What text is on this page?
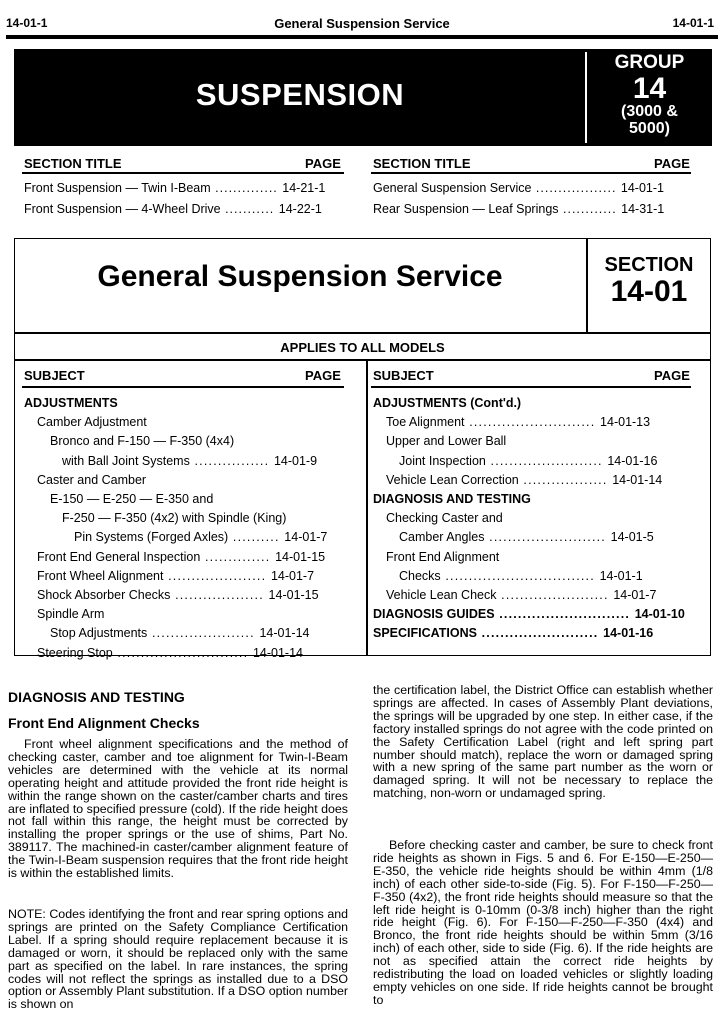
14-01-1	General Suspension Service	14-01-1
SUSPENSION
GROUP
14
(3000 &
5000)
SECTION TITLE	PAGE SECTION TITLE	PAGE
Front Suspension — Twin I-Beam .............. 14-21-1
Front Suspension — 4-Wheel Drive ........... 14-22-1
General Suspension Service .................. 14-01-1
Rear Suspension — Leaf Springs ............ 14-31-1
General Suspension Service	SECTION
14-01
APPLIES TO ALL MODELS
SUBJECT	PAGE SUBJECT	PAGE
ADJUSTMENTS
Camber Adjustment
Bronco and F-150 — F-350 (4x4)
with Ball Joint Systems ................ 14-01-9
Caster and Camber
E-150 — E-250 — E-350 and
F-250 — F-350 (4x2) with Spindle (King)
Pin Systems (Forged Axles) .......... 14-01-7
Front End General Inspection .............. 14-01-15
Front Wheel Alignment ..................... 14-01-7
Shock Absorber Checks ................... 14-01-15
Spindle Arm
Stop Adjustments ...................... 14-01-14
Steering Stop ............................ 14-01-14
ADJUSTMENTS (Cont'd.)
Toe Alignment ........................... 14-01-13
Upper and Lower Ball
Joint Inspection ........................ 14-01-16
Vehicle Lean Correction .................. 14-01-14
DIAGNOSIS AND TESTING
Checking Caster and
Camber Angles ......................... 14-01-5
Front End Alignment
Checks ................................ 14-01-1
Vehicle Lean Check ....................... 14-01-7
DIAGNOSIS GUIDES ............................ 14-01-10
SPECIFICATIONS ......................... 14-01-16
DIAGNOSIS AND TESTING
Front End Alignment Checks
Front wheel alignment specifications and the method of checking caster, camber and toe alignment for Twin-I-Beam vehicles are determined with the vehicle at its normal operating height and attitude provided the front ride height is within the range shown on the caster/camber charts and tires are inflated to specified pressure (cold). If the ride height does not fall within this range, the height must be corrected by installing the proper springs or the use of shims, Part No. 389117. The machined-in caster/camber alignment feature of the Twin-I-Beam suspension requires that the front ride height is within the established limits.
NOTE: Codes identifying the front and rear spring options and springs are printed on the Safety Compliance Certification Label. If a spring should require replacement because it is damaged or worn, it should be replaced only with the same part as specified on the label. In rare instances, the spring codes will not reflect the springs as installed due to a DSO option or Assembly Plant substitution. If a DSO option number is shown on
the certification label, the District Office can establish whether springs are affected. In cases of Assembly Plant deviations, the springs will be upgraded by one step. In either case, if the factory installed springs do not agree with the code printed on the Safety Certification Label (right and left spring part number should match), replace the worn or damaged spring with a new spring of the same part number as the worn or damaged spring. It will not be necessary to replace the matching, non-worn or undamaged spring.
Before checking caster and camber, be sure to check front ride heights as shown in Figs. 5 and 6. For E-150—E-250—E-350, the vehicle ride heights should be within 4mm (1/8 inch) of each other side-to-side (Fig. 5). For F-150—F-250—F-350 (4x2), the front ride heights should measure so that the left ride height is 0-10mm (0-3/8 inch) higher than the right ride height (Fig. 6). For F-150—F-250—F-350 (4x4) and Bronco, the front ride heights should be within 5mm (3/16 inch) of each other, side to side (Fig. 6). If the ride heights are not as specified attain the correct ride heights by redistributing the load on loaded vehicles or slightly loading empty vehicles on one side. If ride heights cannot be brought to
